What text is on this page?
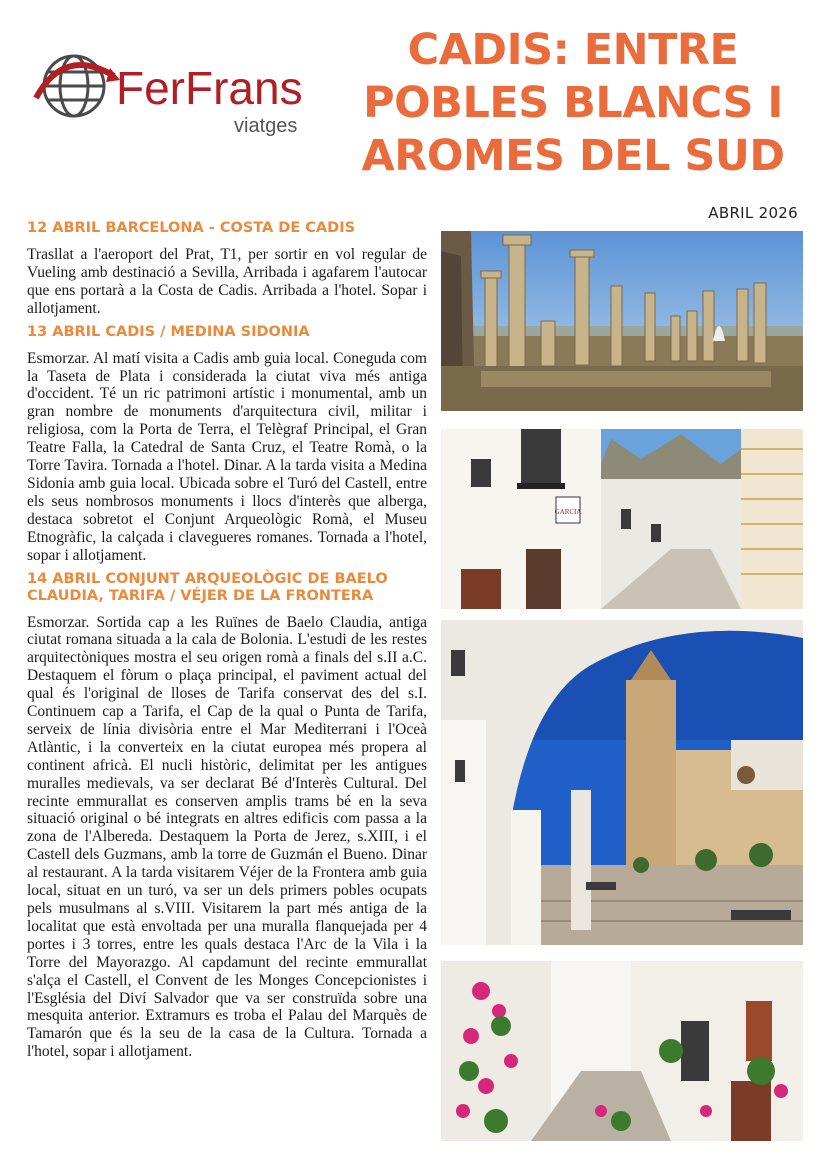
FerFrans
viatges
CADIS: ENTRE
POBLES BLANCS I
AROMES DEL SUD
ABRIL 2026
12 ABRIL BARCELONA - COSTA DE CADIS
Trasllat a l'aeroport del Prat, T1, per sortir en vol regular de Vueling amb destinació a Sevilla, Arribada i agafarem l'autocar que ens portarà a la Costa de Cadis. Arribada a l'hotel. Sopar i allotjament.
13 ABRIL CADIS / MEDINA SIDONIA
Esmorzar. Al matí visita a Cadis amb guia local. Coneguda com la Taseta de Plata i considerada la ciutat viva més antiga d'occident. Té un ric patrimoni artístic i monumental, amb un gran nombre de monuments d'arquitectura civil, militar i religiosa, com la Porta de Terra, el Telègraf Principal, el Gran Teatre Falla, la Catedral de Santa Cruz, el Teatre Romà, o la Torre Tavira. Tornada a l'hotel. Dinar. A la tarda visita a Medina Sidonia amb guia local. Ubicada sobre el Turó del Castell, entre els seus nombrosos monuments i llocs d'interès que alberga, destaca sobretot el Conjunt Arqueològic Romà, el Museu Etnogràfic, la calçada i clavegueres romanes. Tornada a l'hotel, sopar i allotjament.
14 ABRIL CONJUNT ARQUEOLÒGIC DE BAELO CLAUDIA, TARIFA / VÉJER DE LA FRONTERA
Esmorzar. Sortida cap a les Ruïnes de Baelo Claudia, antiga ciutat romana situada a la cala de Bolonia. L'estudi de les restes arquitectòniques mostra el seu origen romà a finals del s.II a.C. Destaquem el fòrum o plaça principal, el paviment actual del qual és l'original de lloses de Tarifa conservat des del s.I. Continuem cap a Tarifa, el Cap de la qual o Punta de Tarifa, serveix de línia divisòria entre el Mar Mediterrani i l'Oceà Atlàntic, i la converteix en la ciutat europea més propera al continent africà. El nucli històric, delimitat per les antigues muralles medievals, va ser declarat Bé d'Interès Cultural. Del recinte emmurallat es conserven amplis trams bé en la seva situació original o bé integrats en altres edificis com passa a la zona de l'Albereda. Destaquem la Porta de Jerez, s.XIII, i el Castell dels Guzmans, amb la torre de Guzmán el Bueno. Dinar al restaurant. A la tarda visitarem Véjer de la Frontera amb guia local, situat en un turó, va ser un dels primers pobles ocupats pels musulmans al s.VIII. Visitarem la part més antiga de la localitat que està envoltada per una muralla flanquejada per 4 portes i 3 torres, entre les quals destaca l'Arc de la Vila i la Torre del Mayorazgo. Al capdamunt del recinte emmurallat s'alça el Castell, el Convent de les Monges Concepcionistes i l'Església del Diví Salvador que va ser construïda sobre una mesquita anterior. Extramurs es troba el Palau del Marquès de Tamarón que és la seu de la casa de la Cultura. Tornada a l'hotel, sopar i allotjament.
GARCIA
